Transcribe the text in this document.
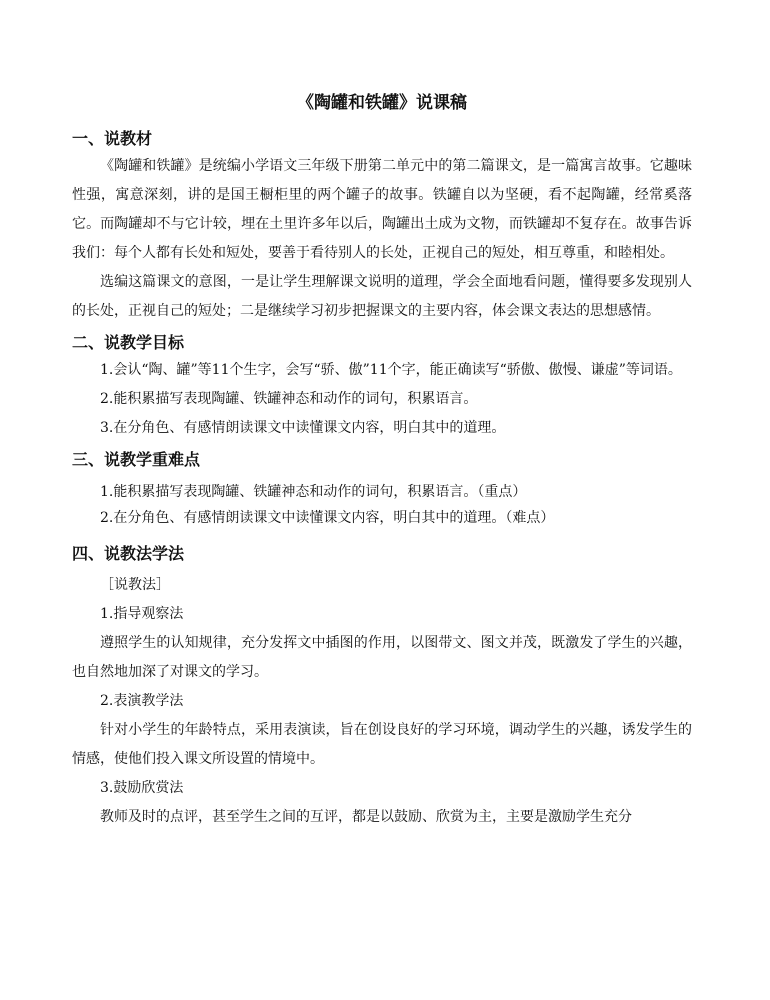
《陶罐和铁罐》说课稿
一、说教材
《陶罐和铁罐》是统编小学语文三年级下册第二单元中的第二篇课文，是一篇寓言故事。它趣味性强，寓意深刻，讲的是国王橱柜里的两个罐子的故事。铁罐自以为坚硬，看不起陶罐，经常奚落它。而陶罐却不与它计较，埋在土里许多年以后，陶罐出土成为文物，而铁罐却不复存在。故事告诉我们：每个人都有长处和短处，要善于看待别人的长处，正视自己的短处，相互尊重，和睦相处。
选编这篇课文的意图，一是让学生理解课文说明的道理，学会全面地看问题，懂得要多发现别人的长处，正视自己的短处；二是继续学习初步把握课文的主要内容，体会课文表达的思想感情。
二、说教学目标
1.会认“陶、罐”等11个生字，会写“骄、傲”11个字，能正确读写“骄傲、傲慢、谦虚”等词语。
2.能积累描写表现陶罐、铁罐神态和动作的词句，积累语言。
3.在分角色、有感情朗读课文中读懂课文内容，明白其中的道理。
三、说教学重难点
1.能积累描写表现陶罐、铁罐神态和动作的词句，积累语言。（重点）
2.在分角色、有感情朗读课文中读懂课文内容，明白其中的道理。（难点）
四、说教法学法
［说教法］
1.指导观察法
遵照学生的认知规律，充分发挥文中插图的作用，以图带文、图文并茂，既激发了学生的兴趣，也自然地加深了对课文的学习。
2.表演教学法
针对小学生的年龄特点，采用表演读，旨在创设良好的学习环境，调动学生的兴趣，诱发学生的情感，使他们投入课文所设置的情境中。
3.鼓励欣赏法
教师及时的点评，甚至学生之间的互评，都是以鼓励、欣赏为主，主要是激励学生充分
